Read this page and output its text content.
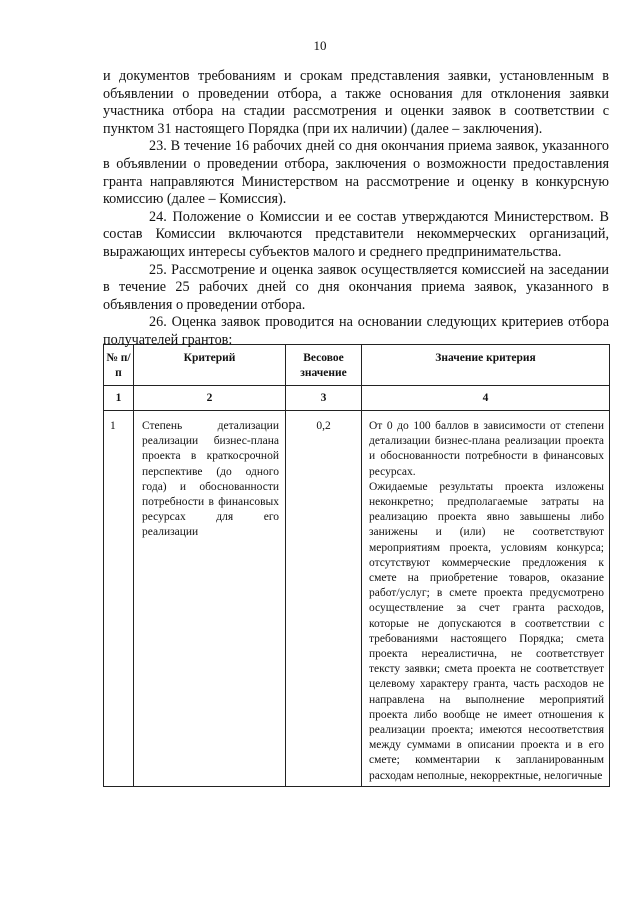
10

и документов требованиям и срокам представления заявки, установленным в объявлении о проведении отбора, а также основания для отклонения заявки участника отбора на стадии рассмотрения и оценки заявок в соответствии с пунктом 31 настоящего Порядка (при их наличии) (далее – заключения).

23. В течение 16 рабочих дней со дня окончания приема заявок, указанного в объявлении о проведении отбора, заключения о возможности предоставления гранта направляются Министерством на рассмотрение и оценку в конкурсную комиссию (далее – Комиссия).

24. Положение о Комиссии и ее состав утверждаются Министерством. В состав Комиссии включаются представители некоммерческих организаций, выражающих интересы субъектов малого и среднего предпринимательства.

25. Рассмотрение и оценка заявок осуществляется комиссией на заседании в течение 25 рабочих дней со дня окончания приема заявок, указанного в объявления о проведении отбора.

26. Оценка заявок проводится на основании следующих критериев отбора получателей грантов:

№ п/п	Критерий	Весовое значение	Значение критерия
1	2	3	4
1	Степень детализации реализации бизнес-плана проекта в краткосрочной перспективе (до одного года) и обоснованности потребности в финансовых ресурсах для его реализации	0,2	От 0 до 100 баллов в зависимости от степени детализации бизнес-плана реализации проекта и обоснованности потребности в финансовых ресурсах.
Ожидаемые результаты проекта изложены неконкретно; предполагаемые затраты на реализацию проекта явно завышены либо занижены и (или) не соответствуют мероприятиям проекта, условиям конкурса; отсутствуют коммерческие предложения к смете на приобретение товаров, оказание работ/услуг; в смете проекта предусмотрено осуществление за счет гранта расходов, которые не допускаются в соответствии с требованиями настоящего Порядка; смета проекта нереалистична, не соответствует тексту заявки; смета проекта не соответствует целевому характеру гранта, часть расходов не направлена на выполнение мероприятий проекта либо вообще не имеет отношения к реализации проекта; имеются несоответствия между суммами в описании проекта и в его смете; комментарии к запланированным расходам неполные, некорректные, нелогичные
